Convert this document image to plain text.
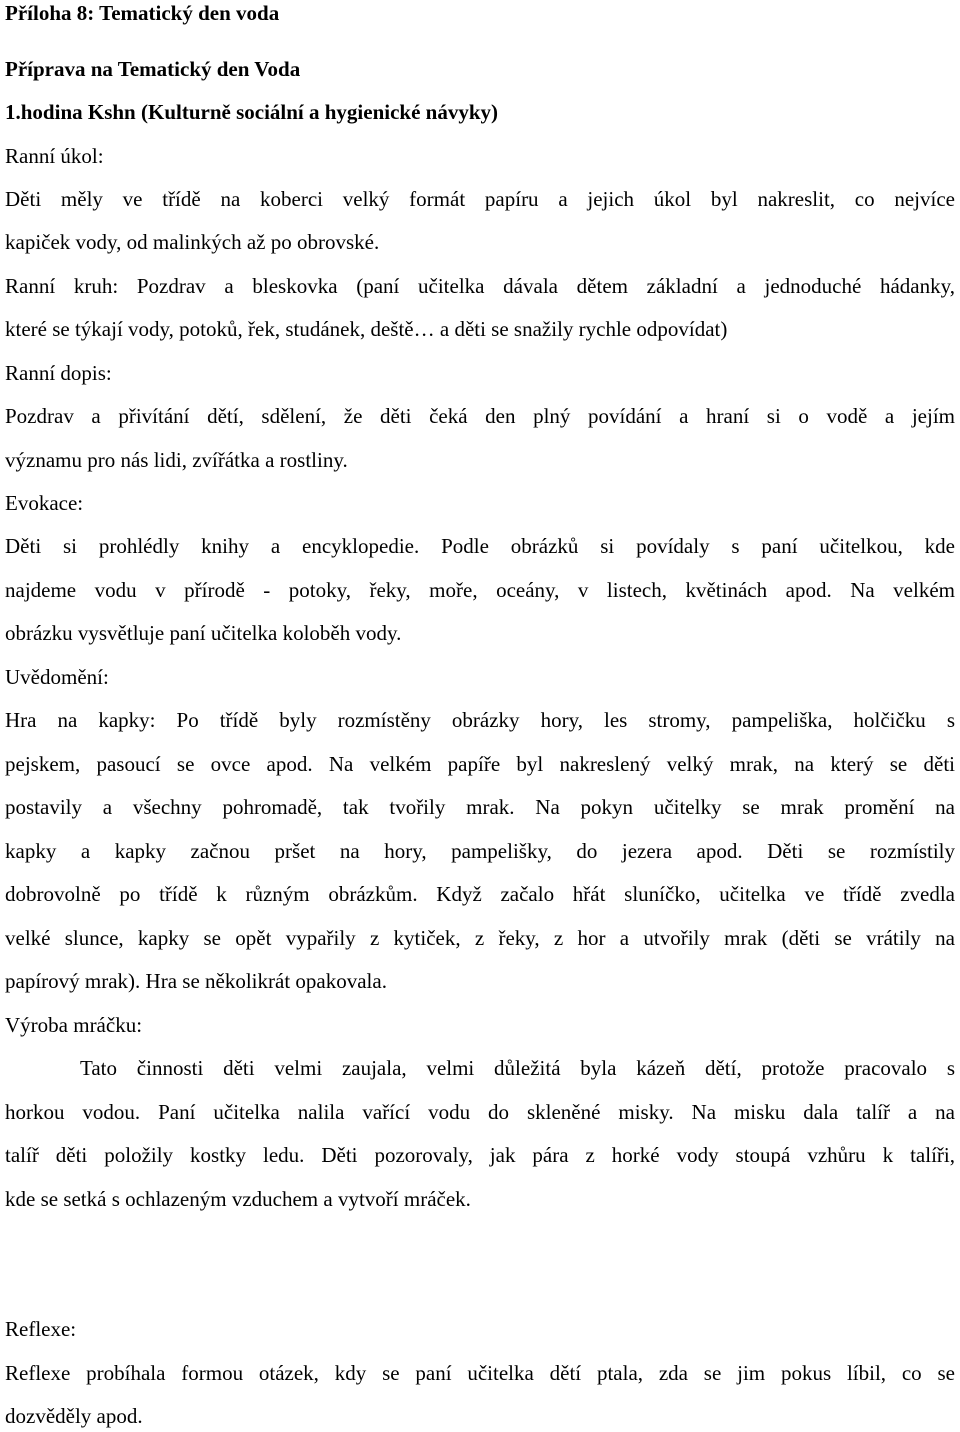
Příloha 8: Tematický den voda
Příprava na Tematický den Voda
1.hodina Kshn (Kulturně sociální a hygienické návyky)
Ranní úkol:
Děti měly ve třídě na koberci velký formát papíru a jejich úkol byl nakreslit, co nejvíce
kapiček vody, od malinkých až po obrovské.
Ranní kruh: Pozdrav a bleskovka (paní učitelka dávala dětem základní a jednoduché hádanky,
které se týkají vody, potoků, řek, studánek, deště… a děti se snažily rychle odpovídat)
Ranní dopis:
Pozdrav a přivítání dětí, sdělení, že děti čeká den plný povídání a hraní si o vodě a jejím
významu pro nás lidi, zvířátka a rostliny.
Evokace:
Děti si prohlédly knihy a encyklopedie. Podle obrázků si povídaly s paní učitelkou, kde
najdeme vodu v přírodě - potoky, řeky, moře, oceány, v listech, květinách apod. Na velkém
obrázku vysvětluje paní učitelka koloběh vody.
Uvědomění:
Hra na kapky: Po třídě byly rozmístěny obrázky hory, les stromy, pampeliška, holčičku s
pejskem, pasoucí se ovce apod. Na velkém papíře byl nakreslený velký mrak, na který se děti
postavily a všechny pohromadě, tak tvořily mrak. Na pokyn učitelky se mrak promění na
kapky a kapky začnou pršet na hory, pampelišky, do jezera apod. Děti se rozmístily
dobrovolně po třídě k různým obrázkům. Když začalo hřát sluníčko, učitelka ve třídě zvedla
velké slunce, kapky se opět vypařily z kytiček, z řeky, z hor a utvořily mrak (děti se vrátily na
papírový mrak). Hra se několikrát opakovala.
Výroba mráčku:
Tato činnosti děti velmi zaujala, velmi důležitá byla kázeň dětí, protože pracovalo s
horkou vodou. Paní učitelka nalila vařící vodu do skleněné misky. Na misku dala talíř a na
talíř děti položily kostky ledu. Děti pozorovaly, jak pára z horké vody stoupá vzhůru k talíři,
kde se setká s ochlazeným vzduchem a vytvoří mráček.
Reflexe:
Reflexe probíhala formou otázek, kdy se paní učitelka dětí ptala, zda se jim pokus líbil, co se
dozvěděly apod.
